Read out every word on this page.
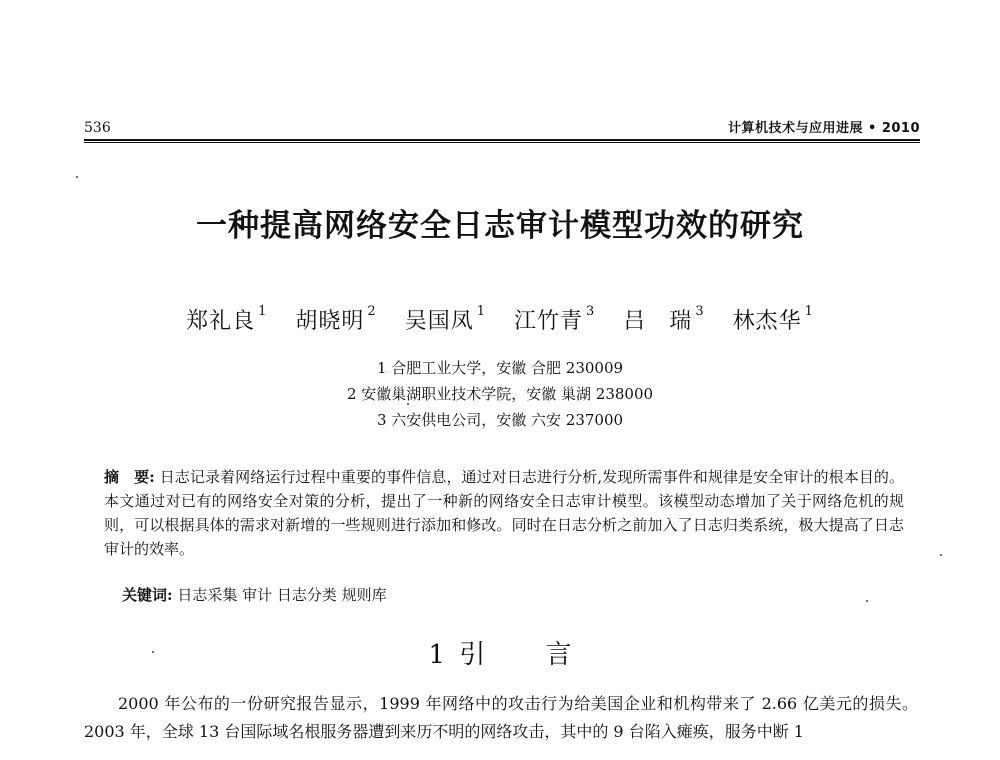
536	计算机技术与应用进展 • 2010
一种提高网络安全日志审计模型功效的研究
郑礼良 $^1$ 胡晓明 $^2$ 吴国凤 $^1$ 江竹青 $^3$ 吕　瑞 $^3$ 林杰华 $^1$
1 合肥工业大学，安徽 合肥 230009
2 安徽巢湖职业技术学院，安徽 巢湖 238000
3 六安供电公司，安徽 六安 237000
摘　要: 日志记录着网络运行过程中重要的事件信息，通过对日志进行分析,发现所需事件和规律是安全审计的根本目的。本文通过对已有的网络安全对策的分析，提出了一种新的网络安全日志审计模型。该模型动态增加了关于网络危机的规则，可以根据具体的需求对新增的一些规则进行添加和修改。同时在日志分析之前加入了日志归类系统，极大提高了日志审计的效率。
关键词: 日志采集 审计 日志分类 规则库
1 引 言
2000 年公布的一份研究报告显示，1999 年网络中的攻击行为给美国企业和机构带来了 2.66 亿美元的损失。2003 年，全球 13 台国际域名根服务器遭到来历不明的网络攻击，其中的 9 台陷入瘫痪，服务中断 1
